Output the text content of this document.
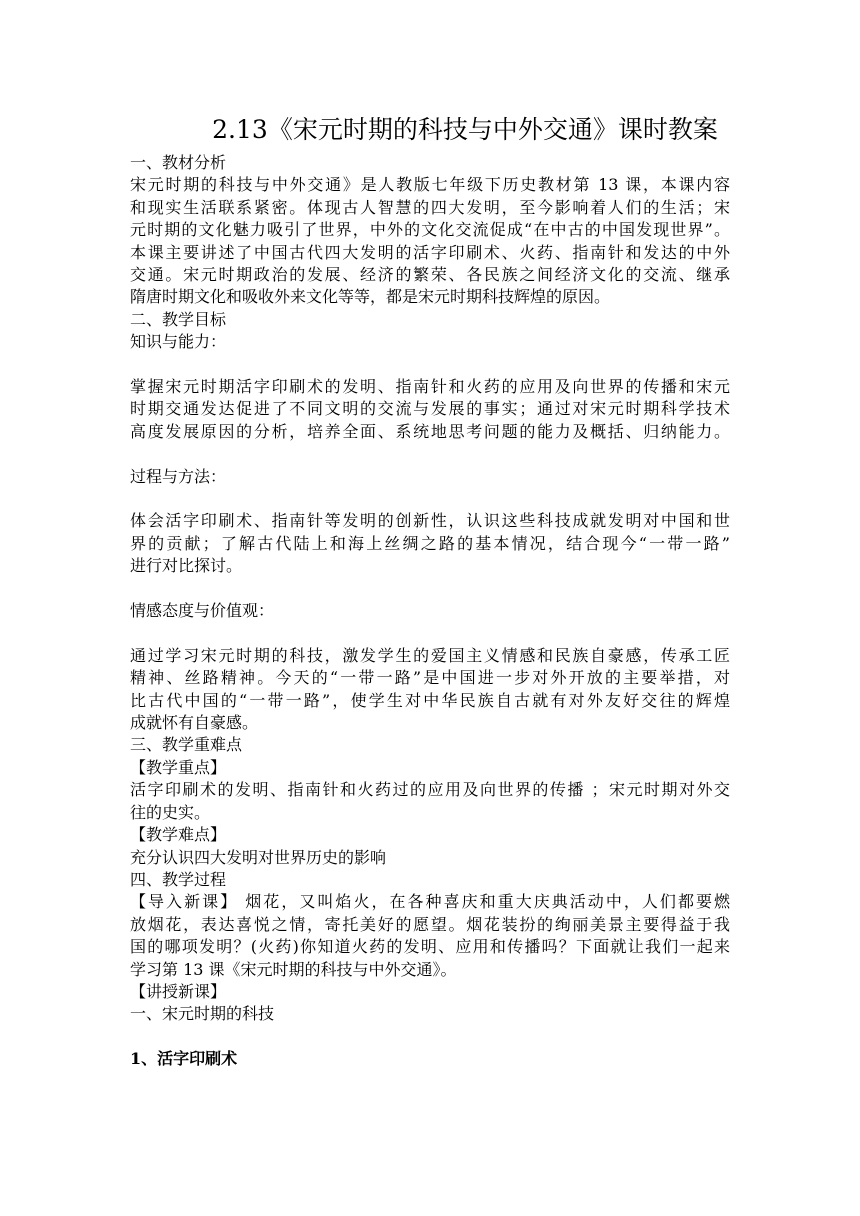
2.13《宋元时期的科技与中外交通》课时教案
一、教材分析
宋元时期的科技与中外交通》是人教版七年级下历史教材第 13 课，本课内容
和现实生活联系紧密。体现古人智慧的四大发明，至今影响着人们的生活；宋
元时期的文化魅力吸引了世界，中外的文化交流促成“在中古的中国发现世界”。
本课主要讲述了中国古代四大发明的活字印刷术、火药、指南针和发达的中外
交通。宋元时期政治的发展、经济的繁荣、各民族之间经济文化的交流、继承
隋唐时期文化和吸收外来文化等等，都是宋元时期科技辉煌的原因。
二、教学目标
知识与能力：
掌握宋元时期活字印刷术的发明、指南针和火药的应用及向世界的传播和宋元
时期交通发达促进了不同文明的交流与发展的事实；通过对宋元时期科学技术
高度发展原因的分析，培养全面、系统地思考问题的能力及概括、归纳能力。
过程与方法：
体会活字印刷术、指南针等发明的创新性，认识这些科技成就发明对中国和世
界的贡献；了解古代陆上和海上丝绸之路的基本情况，结合现今“一带一路”
进行对比探讨。
情感态度与价值观：
通过学习宋元时期的科技，激发学生的爱国主义情感和民族自豪感，传承工匠
精神、丝路精神。今天的“一带一路”是中国进一步对外开放的主要举措，对
比古代中国的“一带一路”，使学生对中华民族自古就有对外友好交往的辉煌
成就怀有自豪感。
三、教学重难点
【教学重点】
活字印刷术的发明、指南针和火药过的应用及向世界的传播 ；宋元时期对外交
往的史实。
【教学难点】
充分认识四大发明对世界历史的影响
四、教学过程
【导入新课】 烟花，又叫焰火，在各种喜庆和重大庆典活动中，人们都要燃
放烟花，表达喜悦之情，寄托美好的愿望。烟花装扮的绚丽美景主要得益于我
国的哪项发明？(火药)你知道火药的发明、应用和传播吗？下面就让我们一起来
学习第 13 课《宋元时期的科技与中外交通》。
【讲授新课】
一、宋元时期的科技
1、活字印刷术
